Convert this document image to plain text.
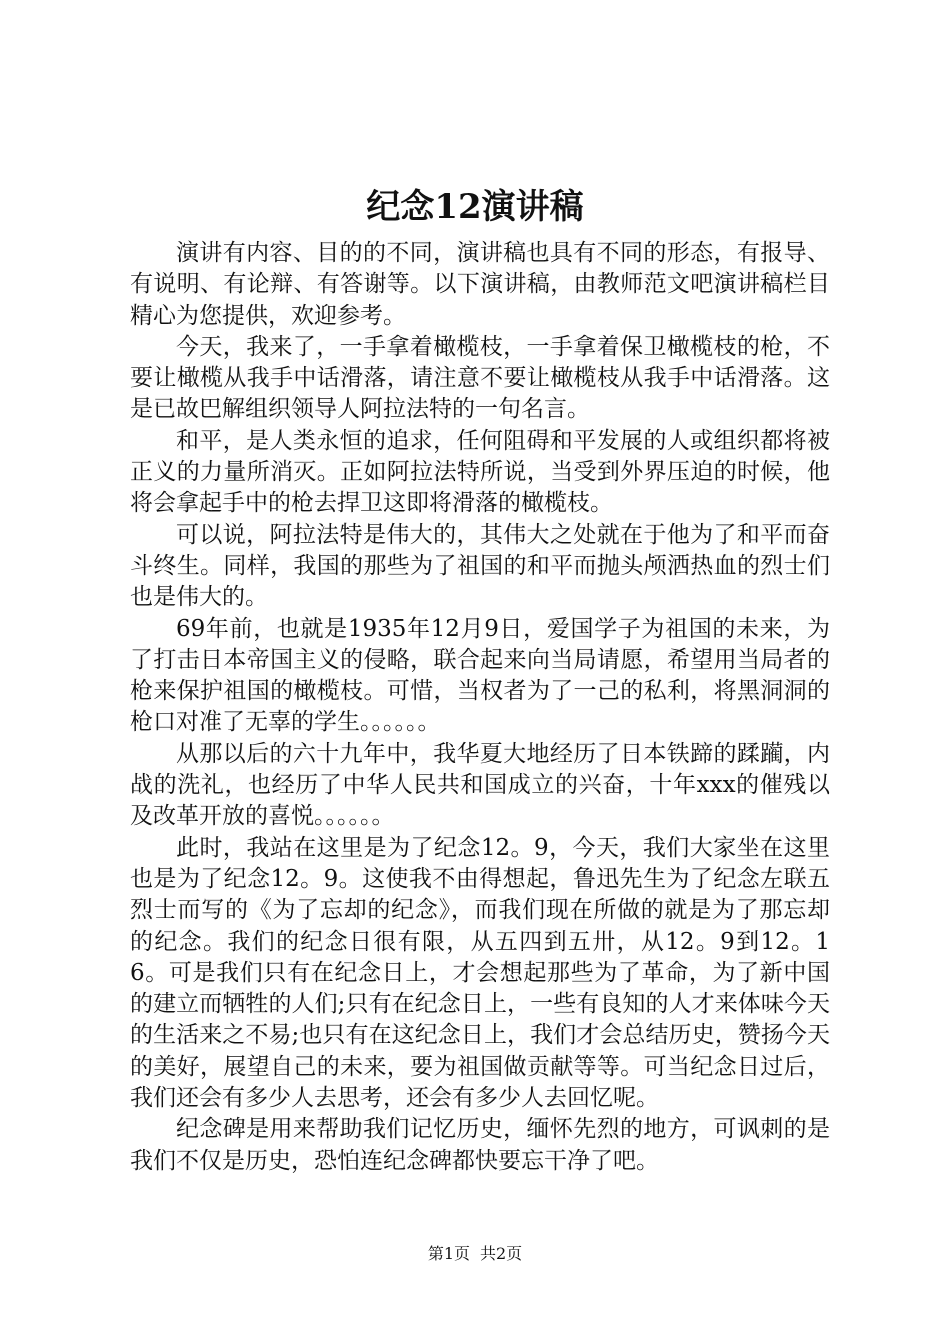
纪念12演讲稿

演讲有内容、目的的不同，演讲稿也具有不同的形态，有报导、有说明、有论辩、有答谢等。以下演讲稿，由教师范文吧演讲稿栏目精心为您提供，欢迎参考。

今天，我来了，一手拿着橄榄枝，一手拿着保卫橄榄枝的枪，不要让橄榄从我手中话滑落，请注意不要让橄榄枝从我手中话滑落。这是已故巴解组织领导人阿拉法特的一句名言。

和平，是人类永恒的追求，任何阻碍和平发展的人或组织都将被正义的力量所消灭。正如阿拉法特所说，当受到外界压迫的时候，他将会拿起手中的枪去捍卫这即将滑落的橄榄枝。

可以说，阿拉法特是伟大的，其伟大之处就在于他为了和平而奋斗终生。同样，我国的那些为了祖国的和平而抛头颅洒热血的烈士们也是伟大的。

69年前，也就是1935年12月9日，爱国学子为祖国的未来，为了打击日本帝国主义的侵略，联合起来向当局请愿，希望用当局者的枪来保护祖国的橄榄枝。可惜，当权者为了一己的私利，将黑洞洞的枪口对准了无辜的学生。。。。。。

从那以后的六十九年中，我华夏大地经历了日本铁蹄的蹂躏，内战的洗礼，也经历了中华人民共和国成立的兴奋，十年xxx的催残以及改革开放的喜悦。。。。。。

此时，我站在这里是为了纪念12。9，今天，我们大家坐在这里也是为了纪念12。9。这使我不由得想起，鲁迅先生为了纪念左联五烈士而写的《为了忘却的纪念》，而我们现在所做的就是为了那忘却的纪念。我们的纪念日很有限，从五四到五卅，从12。9到12。16。可是我们只有在纪念日上，才会想起那些为了革命，为了新中国的建立而牺牲的人们;只有在纪念日上，一些有良知的人才来体味今天的生活来之不易;也只有在这纪念日上，我们才会总结历史，赞扬今天的美好，展望自己的未来，要为祖国做贡献等等。可当纪念日过后，我们还会有多少人去思考，还会有多少人去回忆呢。

纪念碑是用来帮助我们记忆历史，缅怀先烈的地方，可讽刺的是我们不仅是历史，恐怕连纪念碑都快要忘干净了吧。

第1页 共2页
